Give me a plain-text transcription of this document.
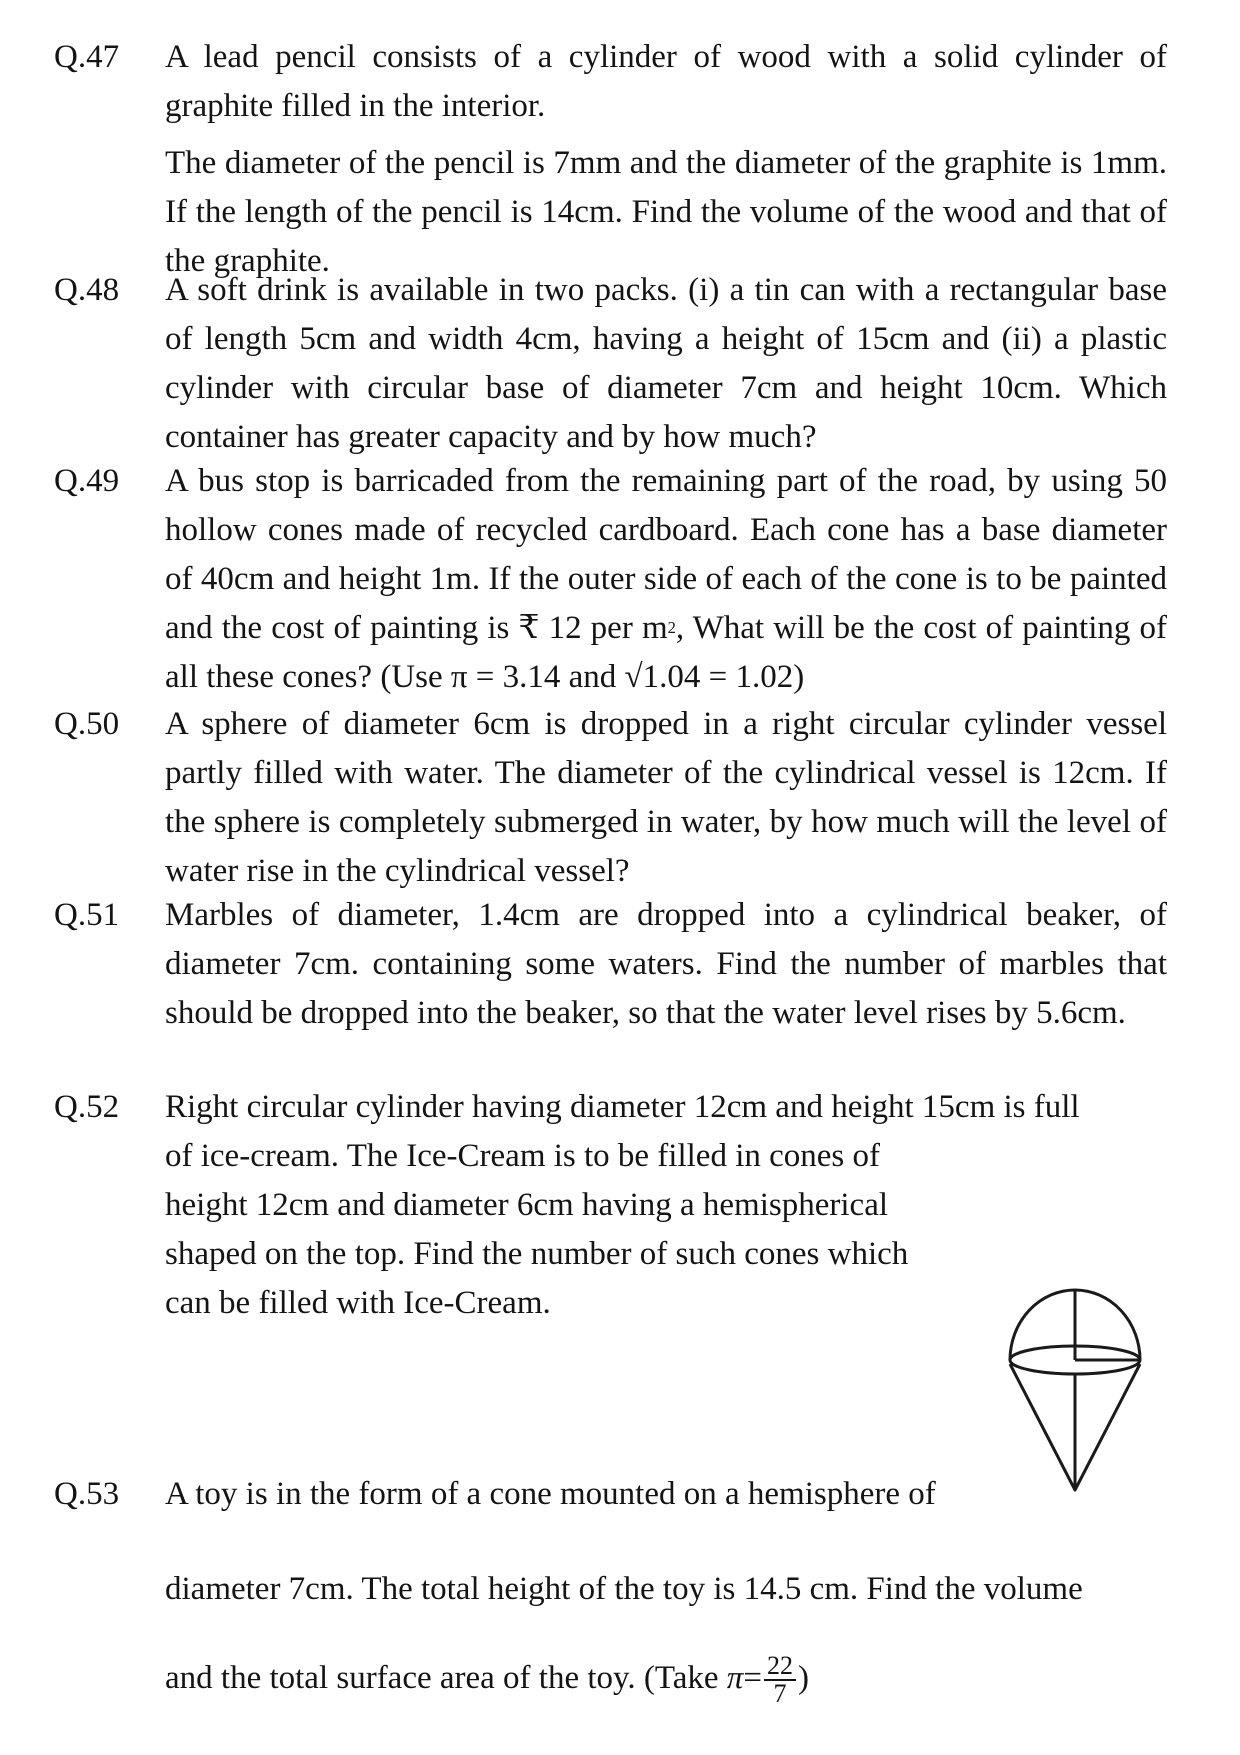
Q.47 A lead pencil consists of a cylinder of wood with a solid cylinder of graphite filled in the interior.

The diameter of the pencil is 7mm and the diameter of the graphite is 1mm. If the length of the pencil is 14cm. Find the volume of the wood and that of the graphite.

Q.48 A soft drink is available in two packs. (i) a tin can with a rectangular base of length 5cm and width 4cm, having a height of 15cm and (ii) a plastic cylinder with circular base of diameter 7cm and height 10cm. Which container has greater capacity and by how much?
Q.49 A bus stop is barricaded from the remaining part of the road, by using 50 hollow cones made of recycled cardboard. Each cone has a base diameter of 40cm and height 1m. If the outer side of each of the cone is to be painted and the cost of painting is ₹ 12 per $m^2$, What will be the cost of painting of all these cones? (Use π = 3.14 and √1.04 = 1.02)
Q.50 A sphere of diameter 6cm is dropped in a right circular cylinder vessel partly filled with water. The diameter of the cylindrical vessel is 12cm. If the sphere is completely submerged in water, by how much will the level of water rise in the cylindrical vessel?
Q.51 Marbles of diameter, 1.4cm are dropped into a cylindrical beaker, of diameter 7cm. containing some waters. Find the number of marbles that should be dropped into the beaker, so that the water level rises by 5.6cm.
Q.52 Right circular cylinder having diameter 12cm and height 15cm is full
of ice-cream. The Ice-Cream is to be filled in cones of
height 12cm and diameter 6cm having a hemispherical
shaped on the top. Find the number of such cones which
can be filled with Ice-Cream.
Q.53 A toy is in the form of a cone mounted on a hemisphere of
diameter 7cm. The total height of the toy is 14.5 cm. Find the volume
and the total surface area of the toy. (Take $\pi= \frac{22}{7}$ )
